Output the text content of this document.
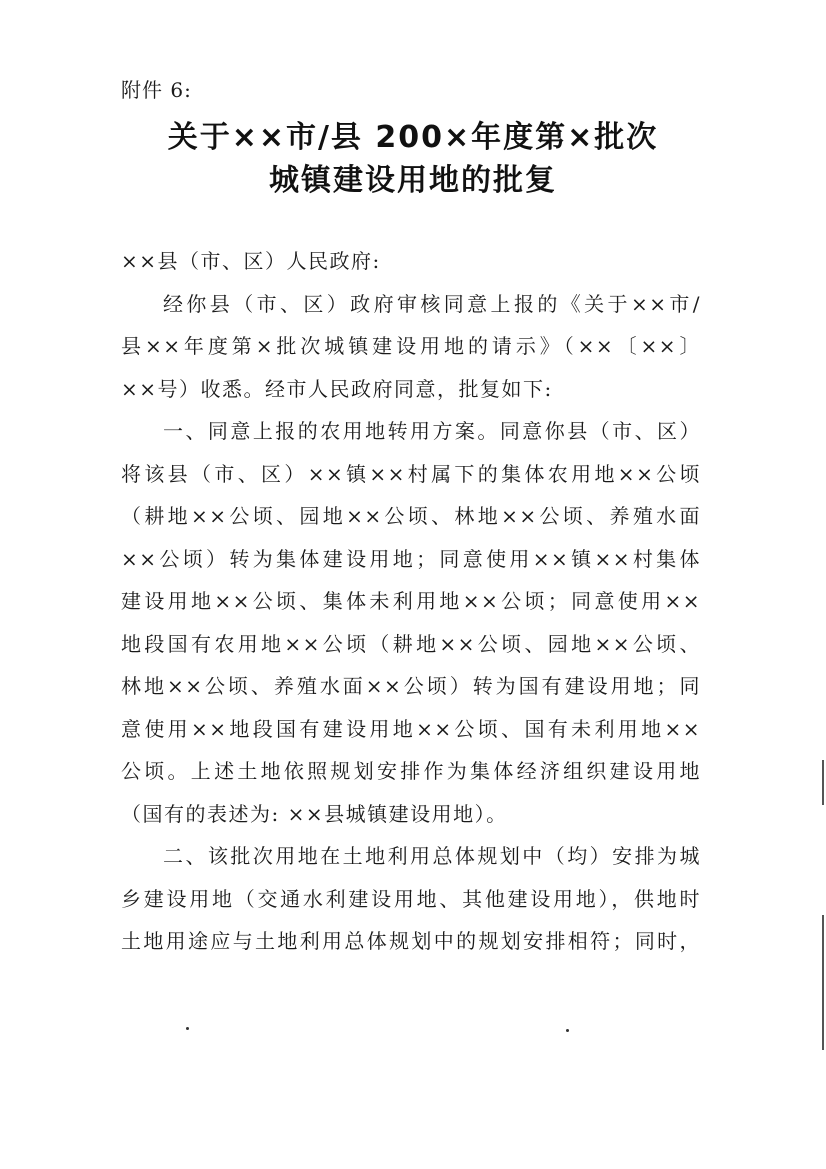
附件 6:
关于××市/县 200×年度第×批次
城镇建设用地的批复
××县（市、区）人民政府:
经你县（市、区）政府审核同意上报的《关于××市/
县××年度第×批次城镇建设用地的请示》（××〔××〕
××号）收悉。经市人民政府同意，批复如下:
一、同意上报的农用地转用方案。同意你县（市、区）
将该县（市、区）××镇××村属下的集体农用地××公顷
（耕地××公顷、园地××公顷、林地××公顷、养殖水面
××公顷）转为集体建设用地；同意使用××镇××村集体
建设用地××公顷、集体未利用地××公顷；同意使用××
地段国有农用地××公顷（耕地××公顷、园地××公顷、
林地××公顷、养殖水面××公顷）转为国有建设用地；同
意使用××地段国有建设用地××公顷、国有未利用地××
公顷。上述土地依照规划安排作为集体经济组织建设用地
（国有的表述为: ××县城镇建设用地）。
二、该批次用地在土地利用总体规划中（均）安排为城
乡建设用地（交通水利建设用地、其他建设用地），供地时
土地用途应与土地利用总体规划中的规划安排相符；同时，
